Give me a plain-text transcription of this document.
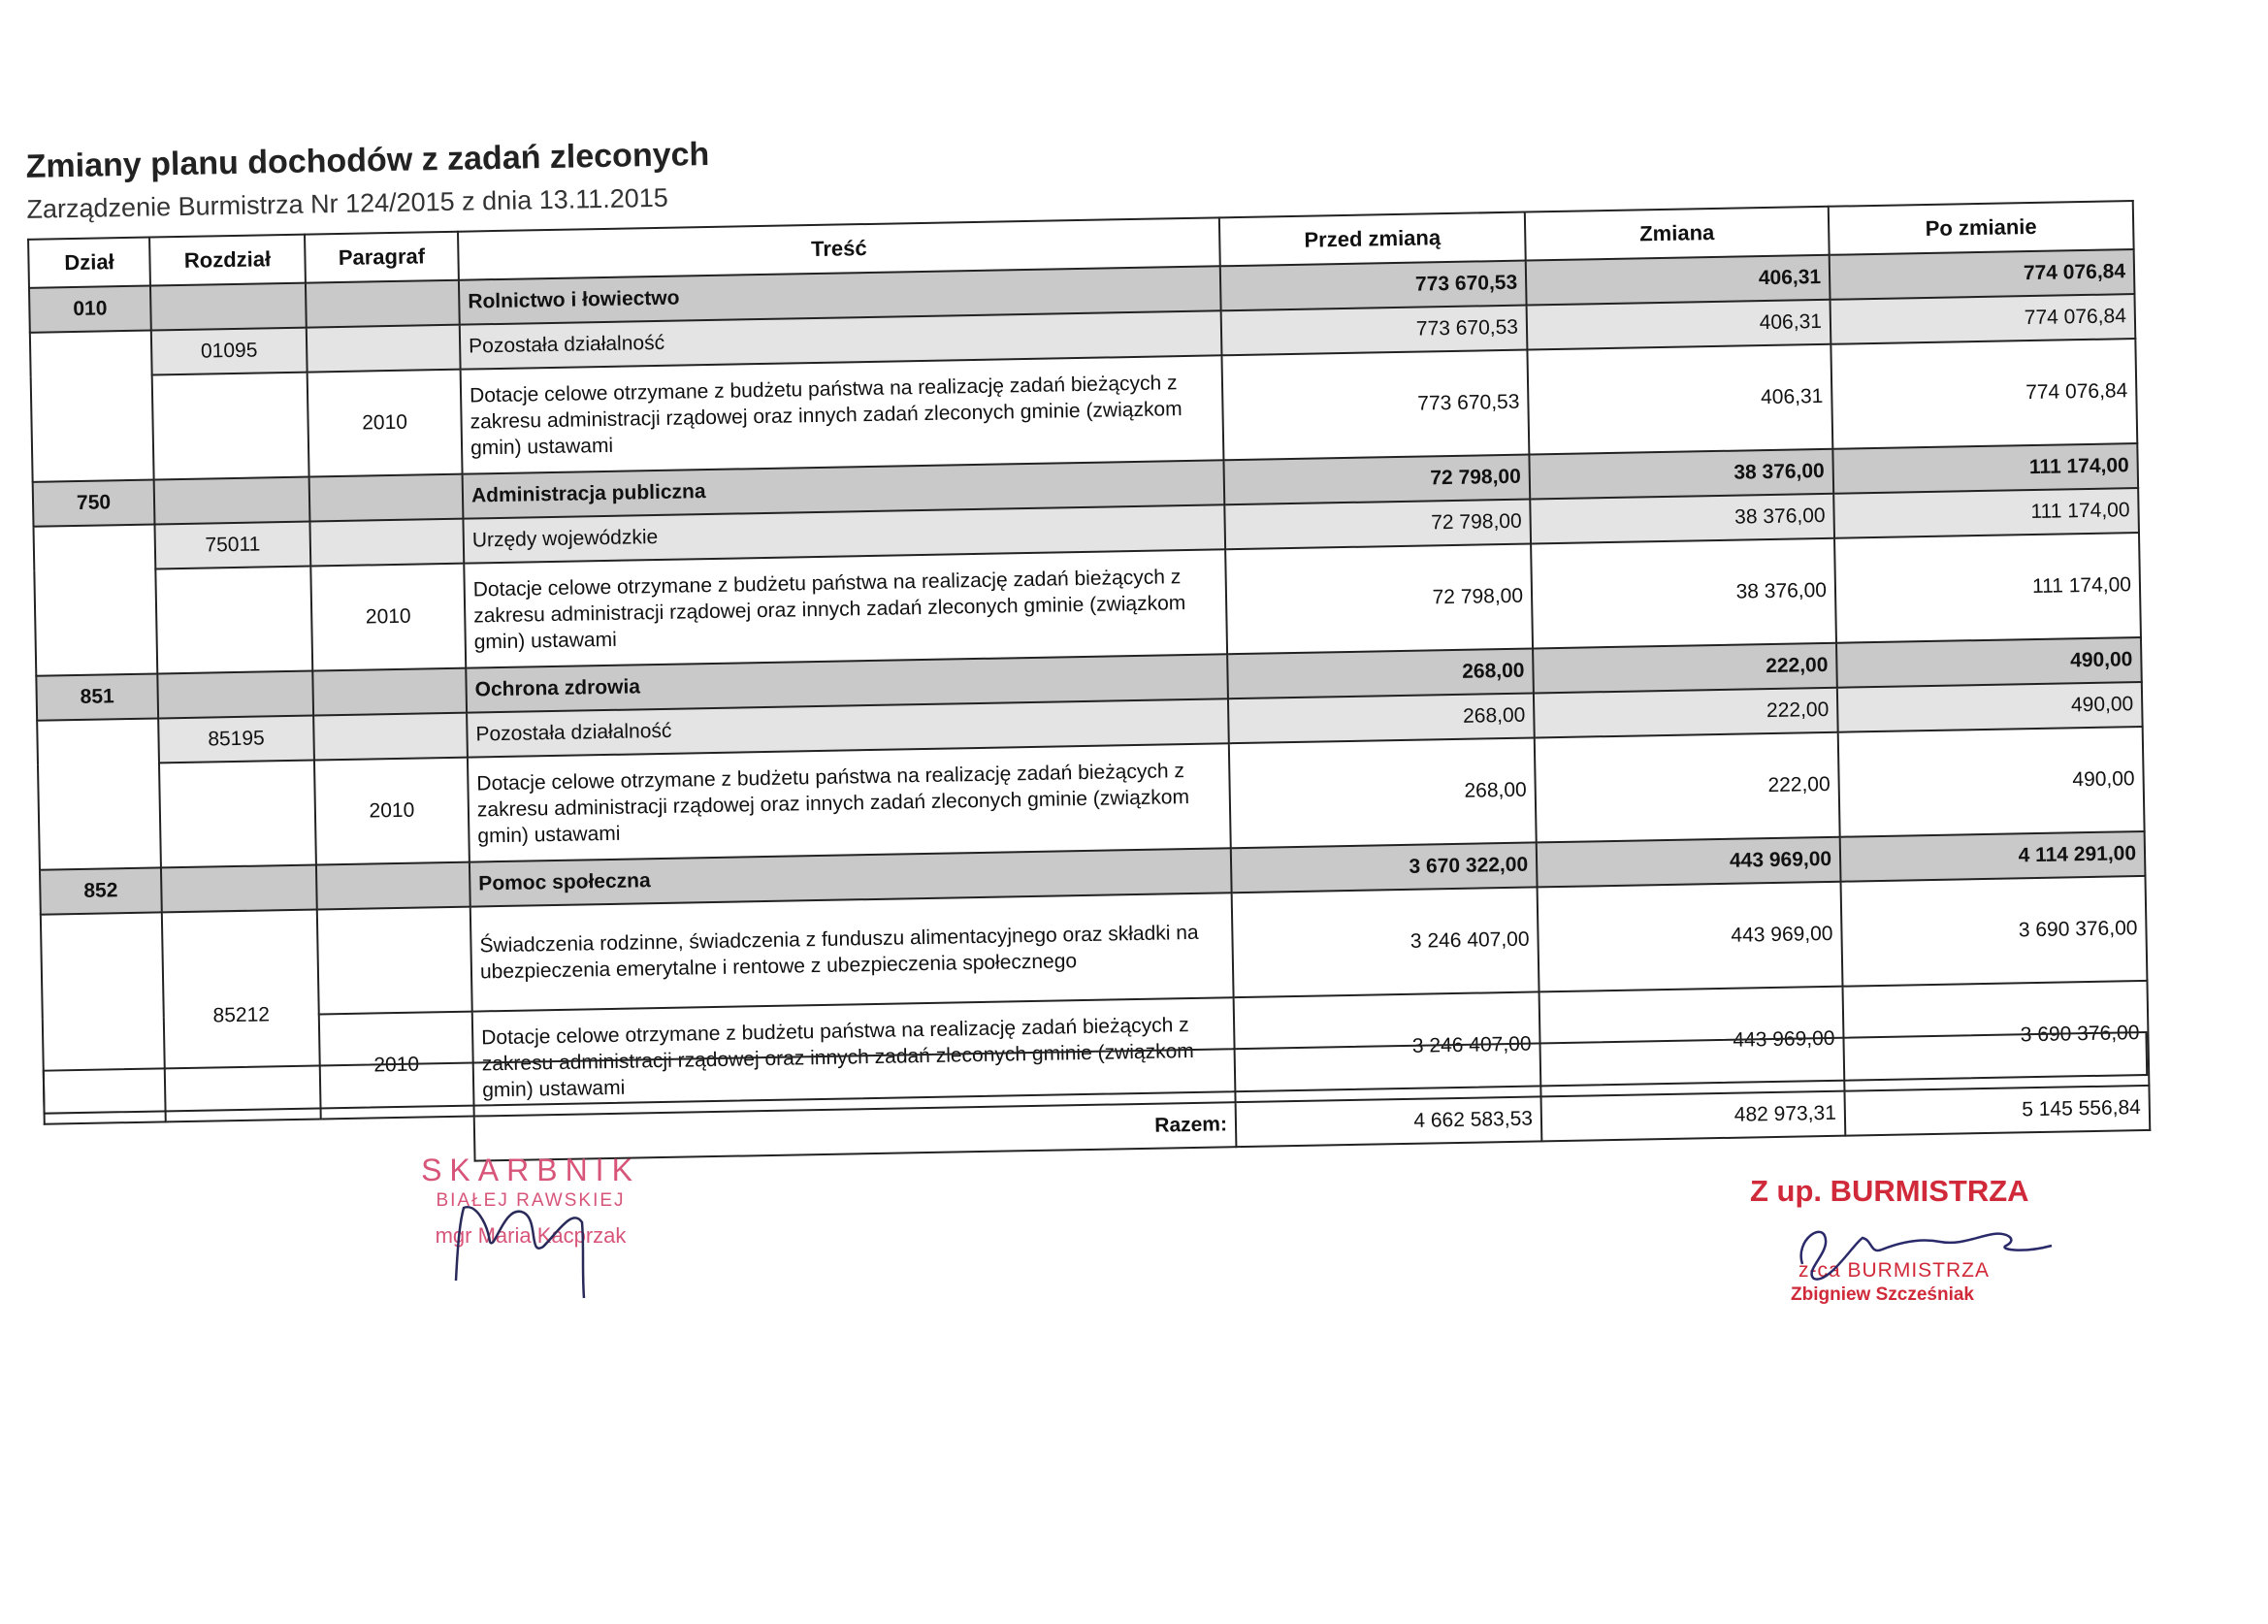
Zmiany planu dochodów z zadań zleconych
Zarządzenie Burmistrza Nr 124/2015 z dnia 13.11.2015
Dział	Rozdział	Paragraf	Treść	Przed zmianą	Zmiana	Po zmianie
010			Rolnictwo i łowiectwo	773 670,53	406,31	774 076,84
	01095		Pozostała działalność	773 670,53	406,31	774 076,84
		2010	Dotacje celowe otrzymane z budżetu państwa na realizację zadań bieżących z zakresu administracji rządowej oraz innych zadań zleconych gminie (związkom gmin) ustawami	773 670,53	406,31	774 076,84
750			Administracja publiczna	72 798,00	38 376,00	111 174,00
	75011		Urzędy wojewódzkie	72 798,00	38 376,00	111 174,00
		2010	Dotacje celowe otrzymane z budżetu państwa na realizację zadań bieżących z zakresu administracji rządowej oraz innych zadań zleconych gminie (związkom gmin) ustawami	72 798,00	38 376,00	111 174,00
851			Ochrona zdrowia	268,00	222,00	490,00
	85195		Pozostała działalność	268,00	222,00	490,00
		2010	Dotacje celowe otrzymane z budżetu państwa na realizację zadań bieżących z zakresu administracji rządowej oraz innych zadań zleconych gminie (związkom gmin) ustawami	268,00	222,00	490,00
852			Pomoc społeczna	3 670 322,00	443 969,00	4 114 291,00
	85212		Świadczenia rodzinne, świadczenia z funduszu alimentacyjnego oraz składki na ubezpieczenia emerytalne i rentowe z ubezpieczenia społecznego	3 246 407,00	443 969,00	3 690 376,00
		2010	Dotacje celowe otrzymane z budżetu państwa na realizację zadań bieżących z zakresu administracji rządowej oraz innych zadań zleconych gminie (związkom gmin) ustawami	3 246 407,00	443 969,00	3 690 376,00
			Razem:	4 662 583,53	482 973,31	5 145 556,84
SKARBNIK
BIAŁEJ RAWSKIEJ
mgr Maria Kacprzak
Z up. BURMISTRZA
z-ca BURMISTRZA
Zbigniew Szcześniak
